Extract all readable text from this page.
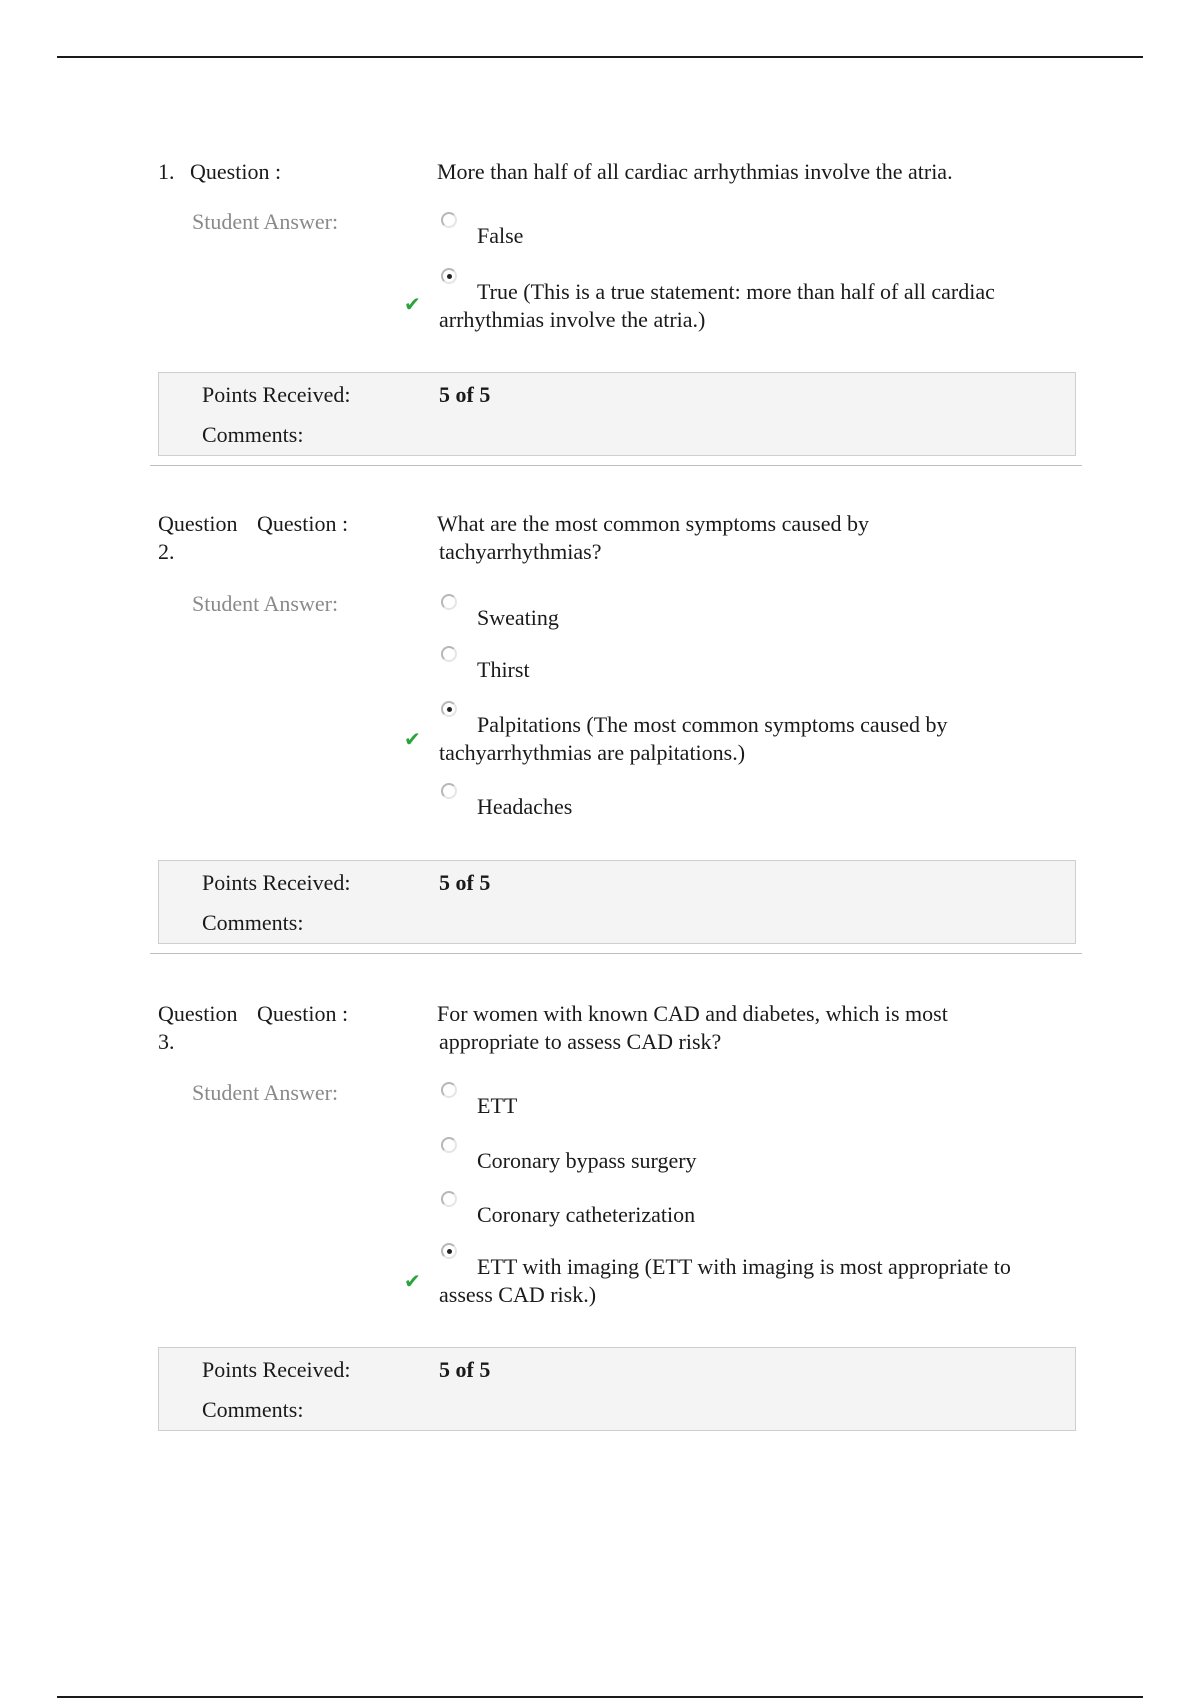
1. Question :	More than half of all cardiac arrhythmias involve the atria.
Student Answer:
False
✔	True (This is a true statement: more than half of all cardiac
arrhythmias involve the atria.)
Points Received:	5 of 5
Comments:
Question
2.
Question :	What are the most common symptoms caused by
tachyarrhythmias?
Student Answer:
Sweating
Thirst
✔
Palpitations (The most common symptoms caused by
tachyarrhythmias are palpitations.)
Headaches
Points Received:	5 of 5
Comments:
Question
3.
Question :	For women with known CAD and diabetes, which is most
appropriate to assess CAD risk?
Student Answer:
ETT
Coronary bypass surgery
Coronary catheterization
✔
ETT with imaging (ETT with imaging is most appropriate to
assess CAD risk.)
Points Received:	5 of 5
Comments:
